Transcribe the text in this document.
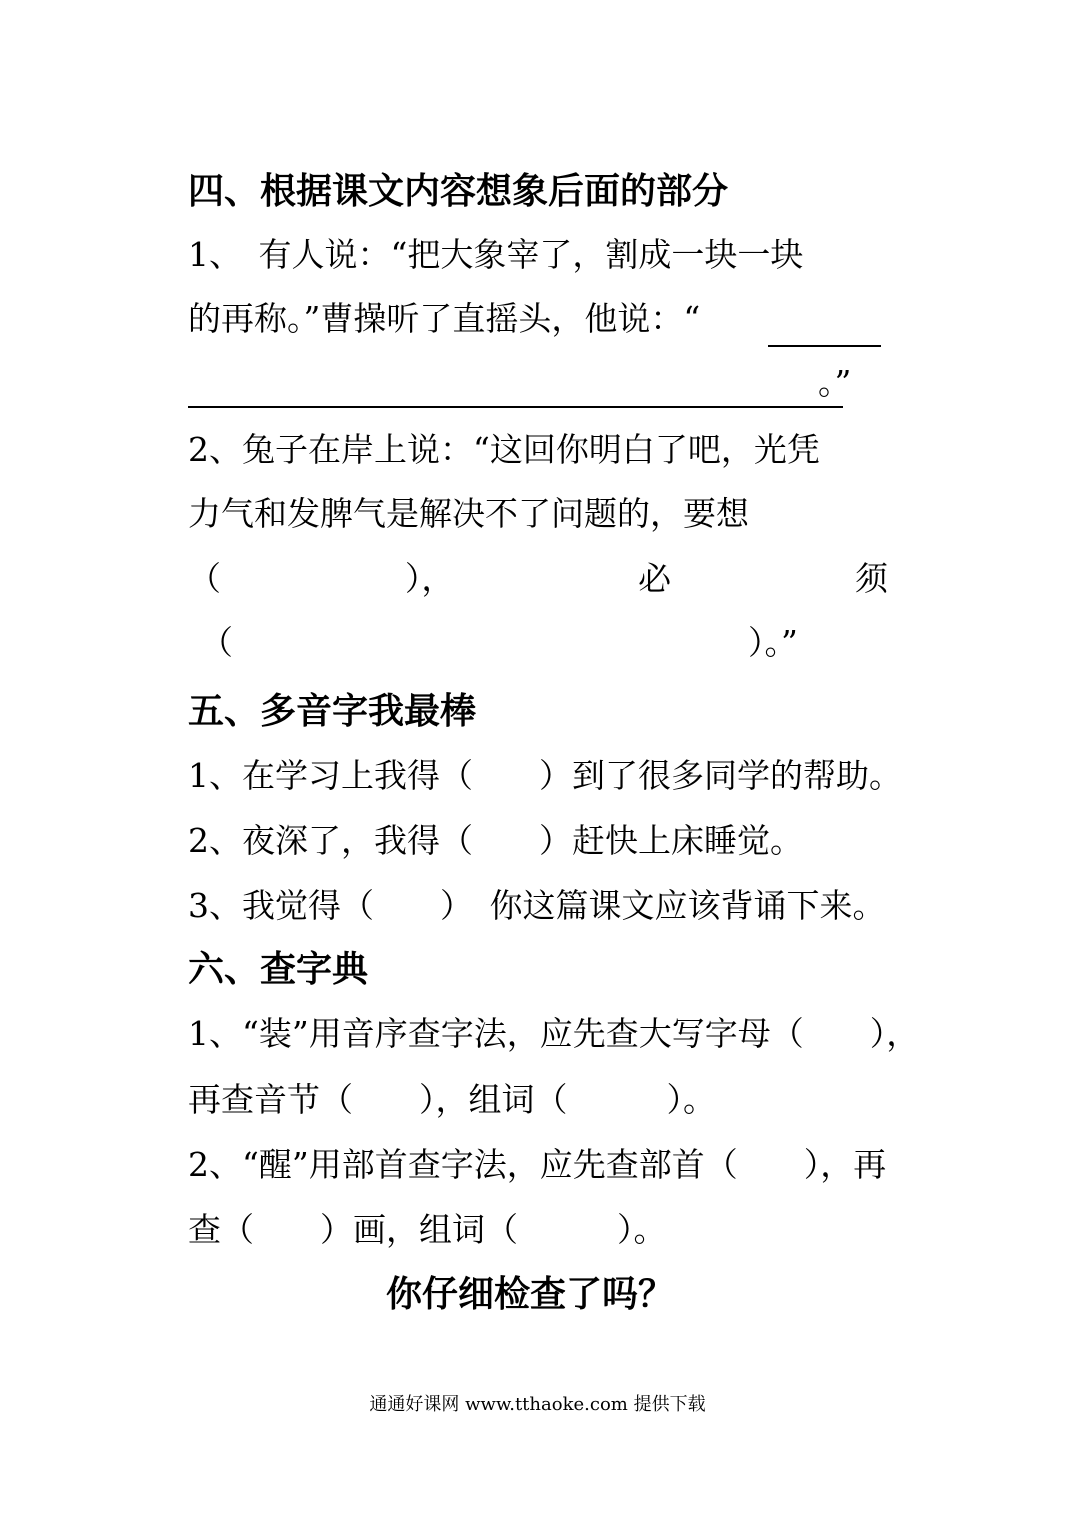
四、根据课文内容想象后面的部分
1、　有人说：“把大象宰了，割成一块一块
的再称。”曹操听了直摇头，他说：“
。”
2、兔子在岸上说：“这回你明白了吧，光凭
力气和发脾气是解决不了问题的，要想
（	），	必	须
（	）。”
五、多音字我最棒
1、在学习上我得（　　）到了很多同学的帮助。
2、夜深了，我得（　　）赶快上床睡觉。
3、我觉得（　　）　你这篇课文应该背诵下来。
六、查字典
1、“装”用音序查字法，应先查大写字母（　　），
再查音节（　　），组词（　　　）。
2、“醒”用部首查字法，应先查部首（　　），再
查（　　）画，组词（　　　）。
你仔细检查了吗？
通通好课网 www.tthaoke.com 提供下载
